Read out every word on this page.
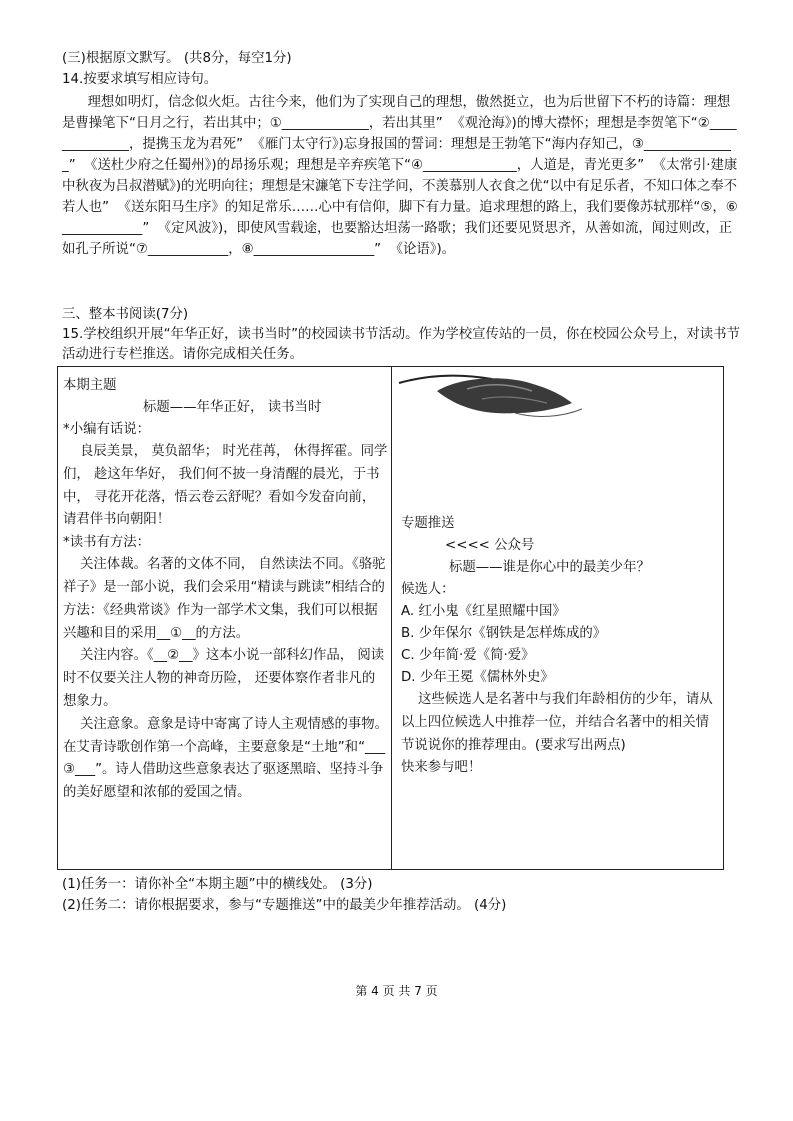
(三)根据原文默写。 (共8分，每空1分)
14.按要求填写相应诗句。
理想如明灯，信念似火炬。古往今来，他们为了实现自己的理想，傲然挺立，也为后世留下不朽的诗篇：理想是曹操笔下“日月之行，若出其中；①_____________，若出其里”  《观沧海》)的博大襟怀；理想是李贺笔下“②______________，提携玉龙为君死”  《雁门太守行》)忘身报国的誓词：理想是王勃笔下“海内存知己，③______________”  《送杜少府之任蜀州》)的昂扬乐观；理想是辛弃疾笔下“④______________，人道是，青光更多”  《太常引·建康中秋夜为吕叔潜赋》)的光明向往；理想是宋濂笔下专注学问，不羡慕别人衣食之优“以中有足乐者，不知口体之奉不若人也”  《送东阳马生序》的知足常乐……心中有信仰，脚下有力量。追求理想的路上，我们要像苏轼那样“⑤，⑥____________”  《定风波》)，即使风雪载途，也要豁达坦荡一路歌；我们还要见贤思齐，从善如流，闻过则改，正如孔子所说“⑦____________，⑧__________________”  《论语》)。
三、整本书阅读(7分)
15.学校组织开展“年华正好，读书当时”的校园读书节活动。作为学校宣传站的一员，你在校园公众号上，对读书节活动进行专栏推送。请你完成相关任务。
本期主题
标题——年华正好， 读书当时
*小编有话说：
良辰美景， 莫负韶华； 时光荏苒， 休得挥霍。同学们， 趁这年华好， 我们何不披一身清醒的晨光，于书中， 寻花开花落，悟云卷云舒呢？看如今发奋向前， 请君伴书向朝阳！
*读书有方法：
关注体裁。名著的文体不同， 自然读法不同。《骆驼祥子》是一部小说，我们会采用“精读与跳读”相结合的方法：《经典常谈》作为一部学术文集，我们可以根据兴趣和目的采用__①__的方法。
关注内容。《__②__》这本小说一部科幻作品， 阅读时不仅要关注人物的神奇历险， 还要体察作者非凡的想象力。
关注意象。意象是诗中寄寓了诗人主观情感的事物。在艾青诗歌创作第一个高峰，主要意象是“土地”和“___③___”。诗人借助这些意象表达了驱逐黑暗、坚持斗争的美好愿望和浓郁的爱国之情。
专题推送
<<<< 公众号
标题——谁是你心中的最美少年？
候选人：
A. 红小鬼《红星照耀中国》
B. 少年保尔《钢铁是怎样炼成的》
C. 少年简·爱《简·爱》
D. 少年王冕《儒林外史》
这些候选人是名著中与我们年龄相仿的少年，请从以上四位候选人中推荐一位，并结合名著中的相关情节说说你的推荐理由。(要求写出两点)
快来参与吧！
(1)任务一：请你补全“本期主题”中的横线处。 (3分)
(2)任务二：请你根据要求，参与“专题推送”中的最美少年推荐活动。 (4分)
第 4 页 共 7 页
